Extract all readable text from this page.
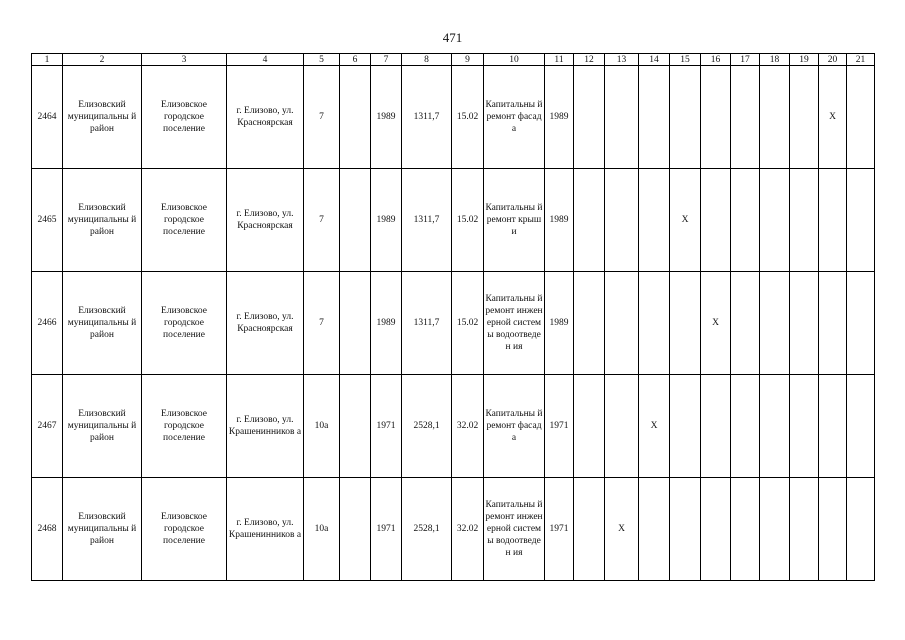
471
1	2	3	4	5	6	7	8	9	10	11	12	13	14	15	16	17	18	19	20	21
2464	Елизовский муниципальны й район	Елизовское городское поселение	г. Елизово, ул. Красноярская	7		1989	1311,7	15.02	Капитальны й ремонт фасада	1989									X	
2465	Елизовский муниципальны й район	Елизовское городское поселение	г. Елизово, ул. Красноярская	7		1989	1311,7	15.02	Капитальны й ремонт крыши	1989				X						
2466	Елизовский муниципальны й район	Елизовское городское поселение	г. Елизово, ул. Красноярская	7		1989	1311,7	15.02	Капитальны й ремонт инженерной системы водоотведен ия	1989					X					
2467	Елизовский муниципальны й район	Елизовское городское поселение	г. Елизово, ул. Крашенинников а	10а		1971	2528,1	32.02	Капитальны й ремонт фасада	1971			X							
2468	Елизовский муниципальны й район	Елизовское городское поселение	г. Елизово, ул. Крашенинников а	10а		1971	2528,1	32.02	Капитальны й ремонт инженерной системы водоотведен ия	1971		X								
